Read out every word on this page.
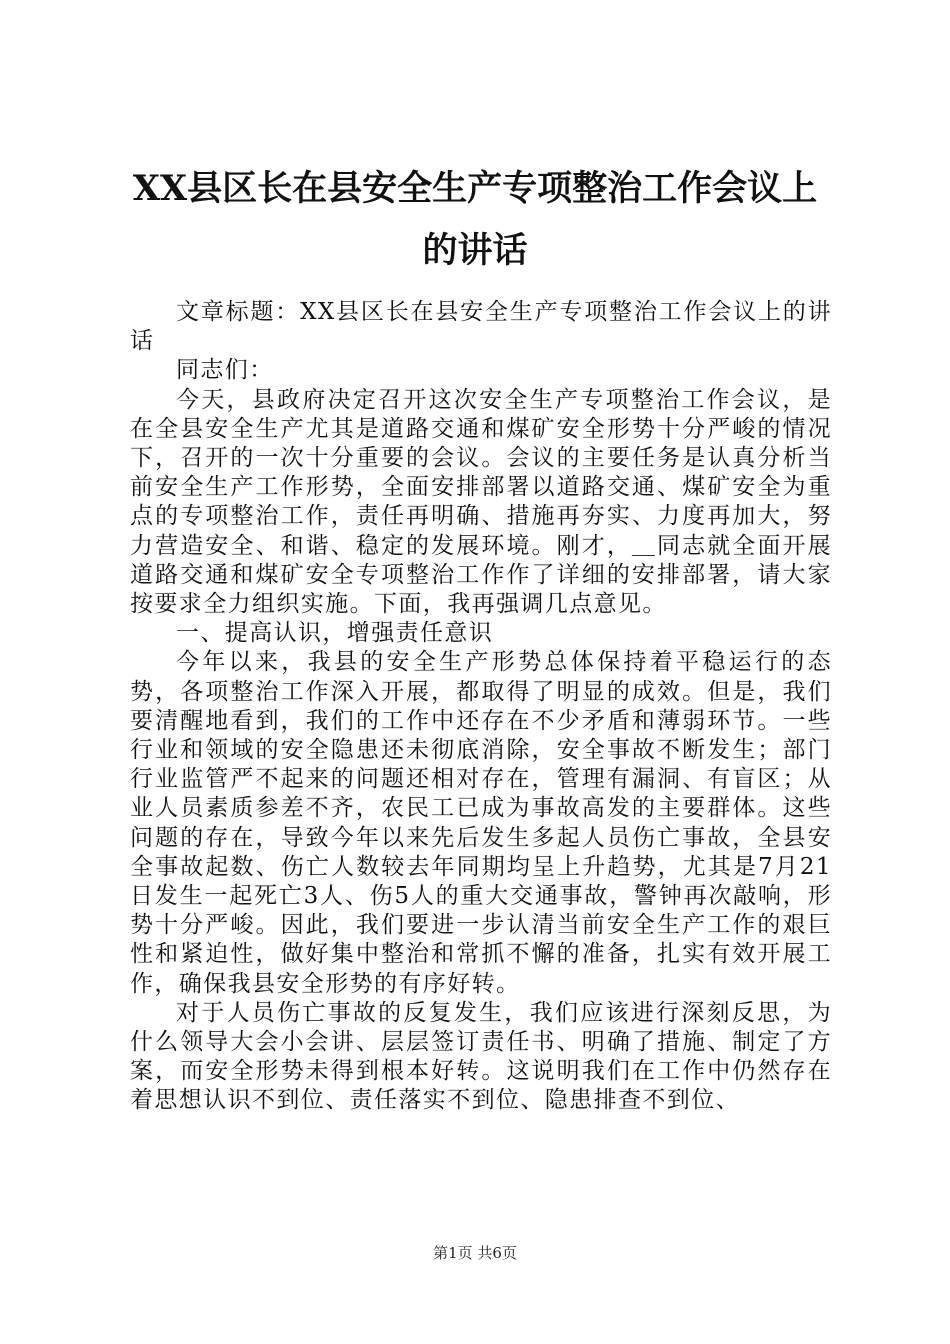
XX县区长在县安全生产专项整治工作会议上的讲话

文章标题：XX县区长在县安全生产专项整治工作会议上的讲话

同志们：

今天，县政府决定召开这次安全生产专项整治工作会议，是在全县安全生产尤其是道路交通和煤矿安全形势十分严峻的情况下，召开的一次十分重要的会议。会议的主要任务是认真分析当前安全生产工作形势，全面安排部署以道路交通、煤矿安全为重点的专项整治工作，责任再明确、措施再夯实、力度再加大，努力营造安全、和谐、稳定的发展环境。刚才，＿同志就全面开展道路交通和煤矿安全专项整治工作作了详细的安排部署，请大家按要求全力组织实施。下面，我再强调几点意见。

一、提高认识，增强责任意识

今年以来，我县的安全生产形势总体保持着平稳运行的态势，各项整治工作深入开展，都取得了明显的成效。但是，我们要清醒地看到，我们的工作中还存在不少矛盾和薄弱环节。一些行业和领域的安全隐患还未彻底消除，安全事故不断发生；部门行业监管严不起来的问题还相对存在，管理有漏洞、有盲区；从业人员素质参差不齐，农民工已成为事故高发的主要群体。这些问题的存在，导致今年以来先后发生多起人员伤亡事故，全县安全事故起数、伤亡人数较去年同期均呈上升趋势，尤其是7月21日发生一起死亡3人、伤5人的重大交通事故，警钟再次敲响，形势十分严峻。因此，我们要进一步认清当前安全生产工作的艰巨性和紧迫性，做好集中整治和常抓不懈的准备，扎实有效开展工作，确保我县安全形势的有序好转。

对于人员伤亡事故的反复发生，我们应该进行深刻反思，为什么领导大会小会讲、层层签订责任书、明确了措施、制定了方案，而安全形势未得到根本好转。这说明我们在工作中仍然存在着思想认识不到位、责任落实不到位、隐患排查不到位、

第1页 共6页
